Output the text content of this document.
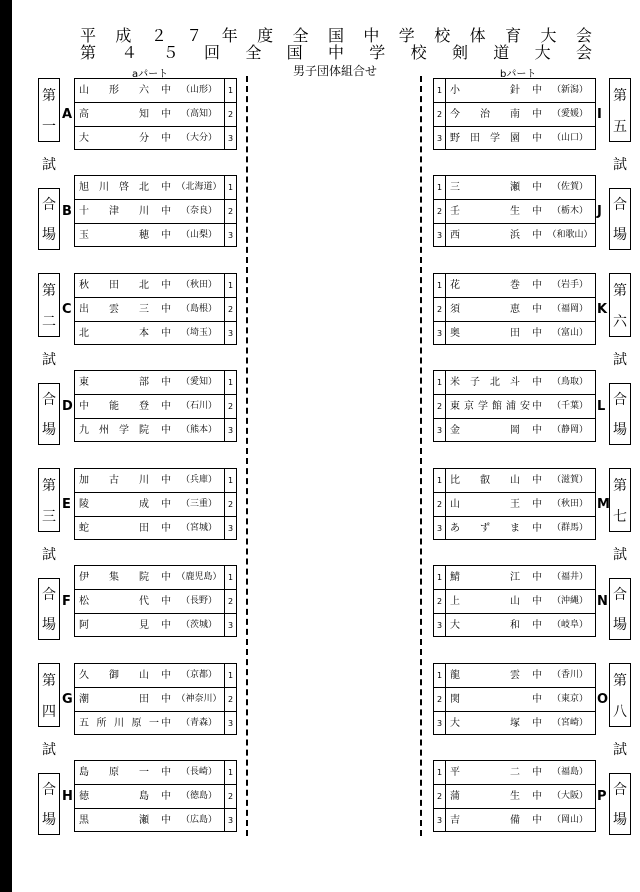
平 成 ２ ７ 年 度 全 国 中 学 校 体 育 大 会
第 ４ ５ 回 全 国 中 学 校 剣 道 大 会
aパート	男子団体組合せ	bパート
第
一
試
合
場
A
1
山 形 六 中 （ 山形 ）
2
高	知 中 （ 高知 ）
3
大	分 中 （ 大分 ）
B
1
旭 川 啓 北 中 （ 北海道 ）
2
十 津 川 中 （ 奈良 ）
3
玉	穂 中 （ 山梨 ）
第
二
試
合
場
C
1
秋 田 北 中 （ 秋田 ）
2
出 雲 三 中 （ 島根 ）
3
北	本 中 （ 埼玉 ）
D
1
東	部 中 （ 愛知 ）
2
中 能 登 中 （ 石川 ）
3
九 州 学 院 中 （ 熊本 ）
第
三
試
合
場
E
1
加 古 川 中 （ 兵庫 ）
2
陵	成 中 （ 三重 ）
3
蛇	田 中 （ 宮城 ）
F
1
伊 集 院 中 （ 鹿児島 ）
2
松	代 中 （ 長野 ）
3
阿	見 中 （ 茨城 ）
第
四
試
合
場
G
1
久 御 山 中 （ 京都 ）
2
潮	田 中 （ 神奈川 ）
3
五 所 川 原 一 中 （ 青森 ）
H
1
島 原 一 中 （ 長崎 ）
2
徳	島 中 （ 徳島 ）
3
黒	瀬 中 （ 広島 ）
第
五
試
合
場
I
1 小	針 中 （ 新潟 ）
2 今 治 南 中 （ 愛媛 ）
3 野 田 学 園 中 （ 山口 ）
J
1 三	瀬 中 （ 佐賀 ）
2 壬	生 中 （ 栃木 ）
3 西	浜 中 （ 和歌山 ）
第
六
試
合
場
K
1 花	巻 中 （ 岩手 ）
2 須	恵 中 （ 福岡 ）
3 奥	田 中 （ 富山 ）
L
1 米 子 北 斗 中 （ 鳥取 ）
2 東 京 学 館 浦 安 中 （ 千葉 ）
3 金	岡 中 （ 静岡 ）
第
七
試
合
場
M
1 比 叡 山 中 （ 滋賀 ）
2 山	王 中 （ 秋田 ）
3 あ ず ま 中 （ 群馬 ）
N
1 鯖	江 中 （ 福井 ）
2 上	山 中 （ 沖縄 ）
3 大	和 中 （ 岐阜 ）
第
八
試
合
場
O
1 龍	雲 中 （ 香川 ）
2 関	中 （ 東京 ）
3 大	塚 中 （ 宮崎 ）
P
1 平	二 中 （ 福島 ）
2 蒲	生 中 （ 大阪 ）
3 吉	備 中 （ 岡山 ）
